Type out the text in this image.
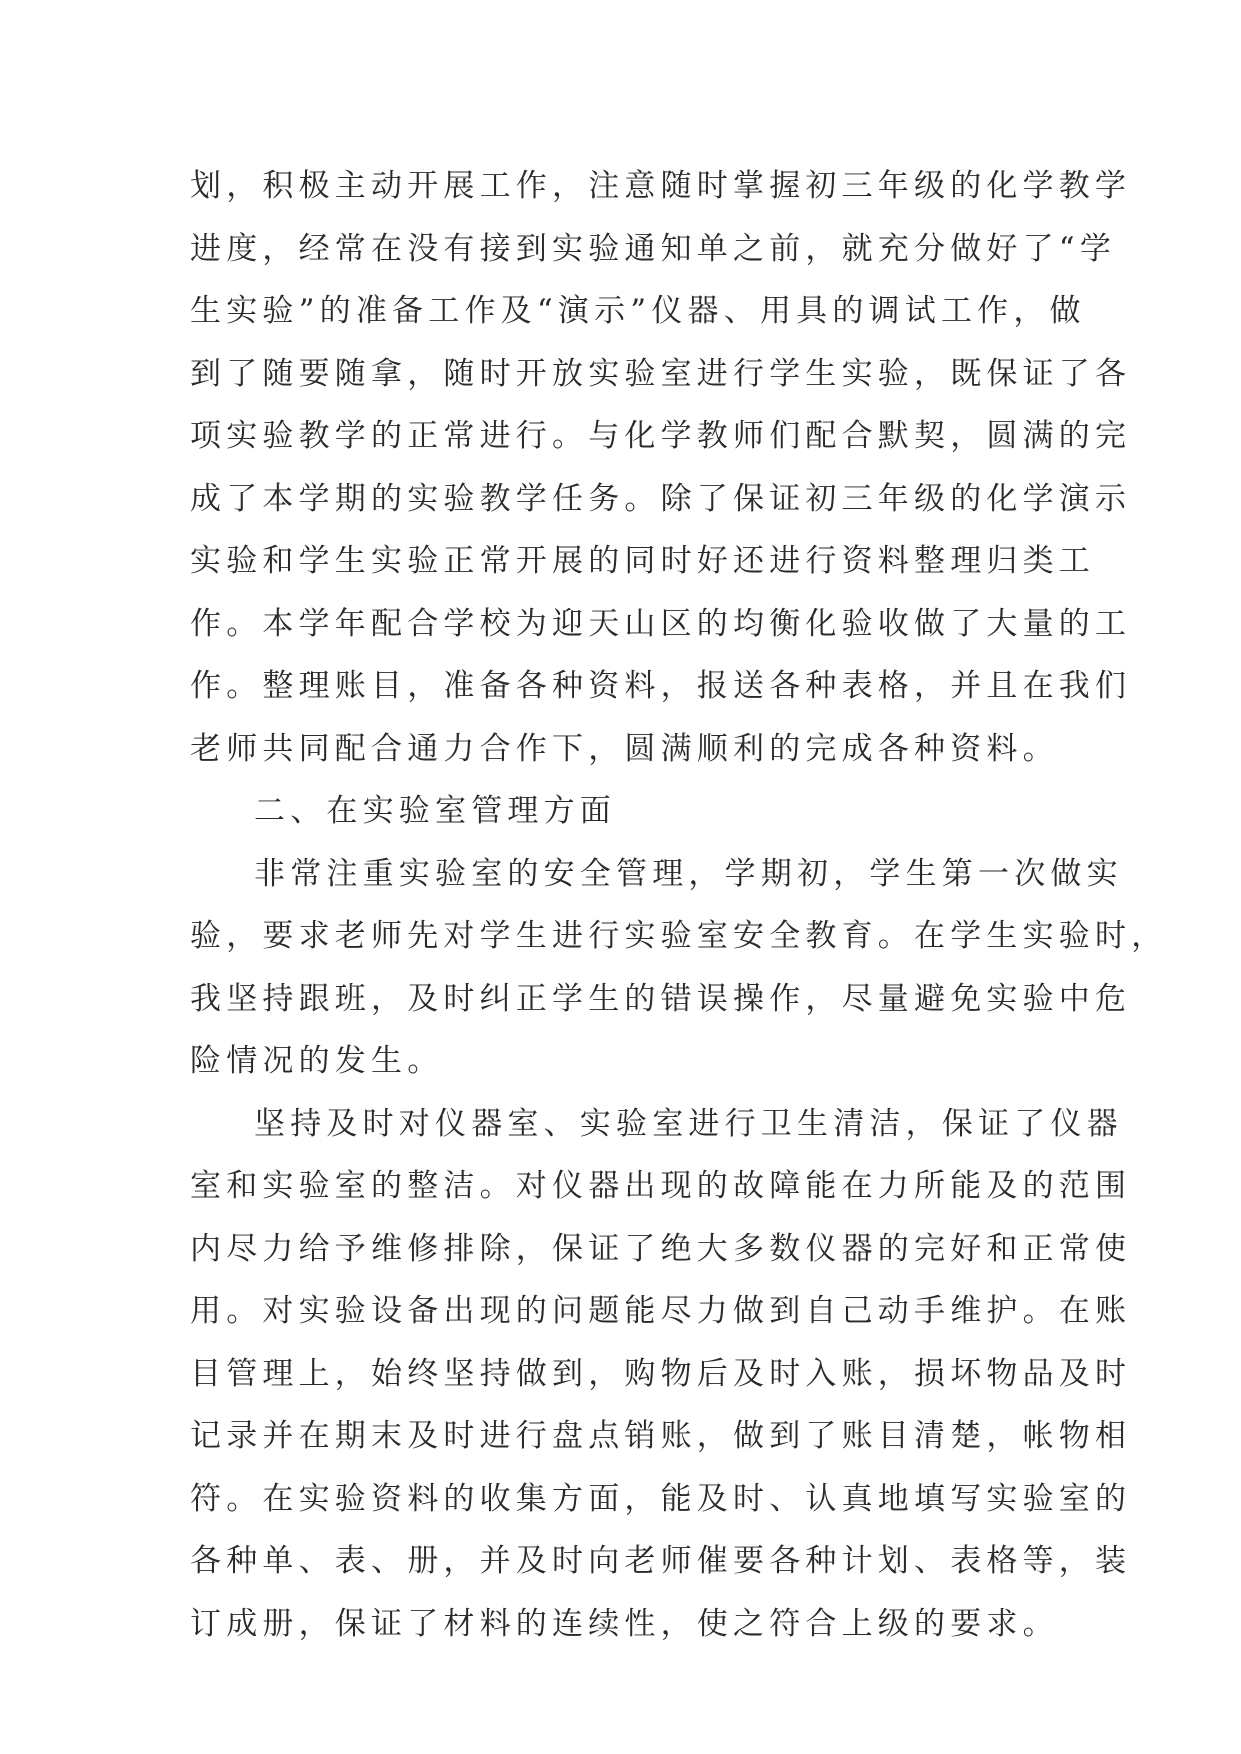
划，积极主动开展工作，注意随时掌握初三年级的化学教学
进度，经常在没有接到实验通知单之前，就充分做好了“学
生实验”的准备工作及“演示”仪器、用具的调试工作，做
到了随要随拿，随时开放实验室进行学生实验，既保证了各
项实验教学的正常进行。与化学教师们配合默契，圆满的完
成了本学期的实验教学任务。除了保证初三年级的化学演示
实验和学生实验正常开展的同时好还进行资料整理归类工
作。本学年配合学校为迎天山区的均衡化验收做了大量的工
作。整理账目，准备各种资料，报送各种表格，并且在我们
老师共同配合通力合作下，圆满顺利的完成各种资料。
二、在实验室管理方面
非常注重实验室的安全管理，学期初，学生第一次做实
验，要求老师先对学生进行实验室安全教育。在学生实验时，
我坚持跟班，及时纠正学生的错误操作，尽量避免实验中危
险情况的发生。
坚持及时对仪器室、实验室进行卫生清洁，保证了仪器
室和实验室的整洁。对仪器出现的故障能在力所能及的范围
内尽力给予维修排除，保证了绝大多数仪器的完好和正常使
用。对实验设备出现的问题能尽力做到自己动手维护。在账
目管理上，始终坚持做到，购物后及时入账，损坏物品及时
记录并在期末及时进行盘点销账，做到了账目清楚，帐物相
符。在实验资料的收集方面，能及时、认真地填写实验室的
各种单、表、册，并及时向老师催要各种计划、表格等，装
订成册，保证了材料的连续性，使之符合上级的要求。
